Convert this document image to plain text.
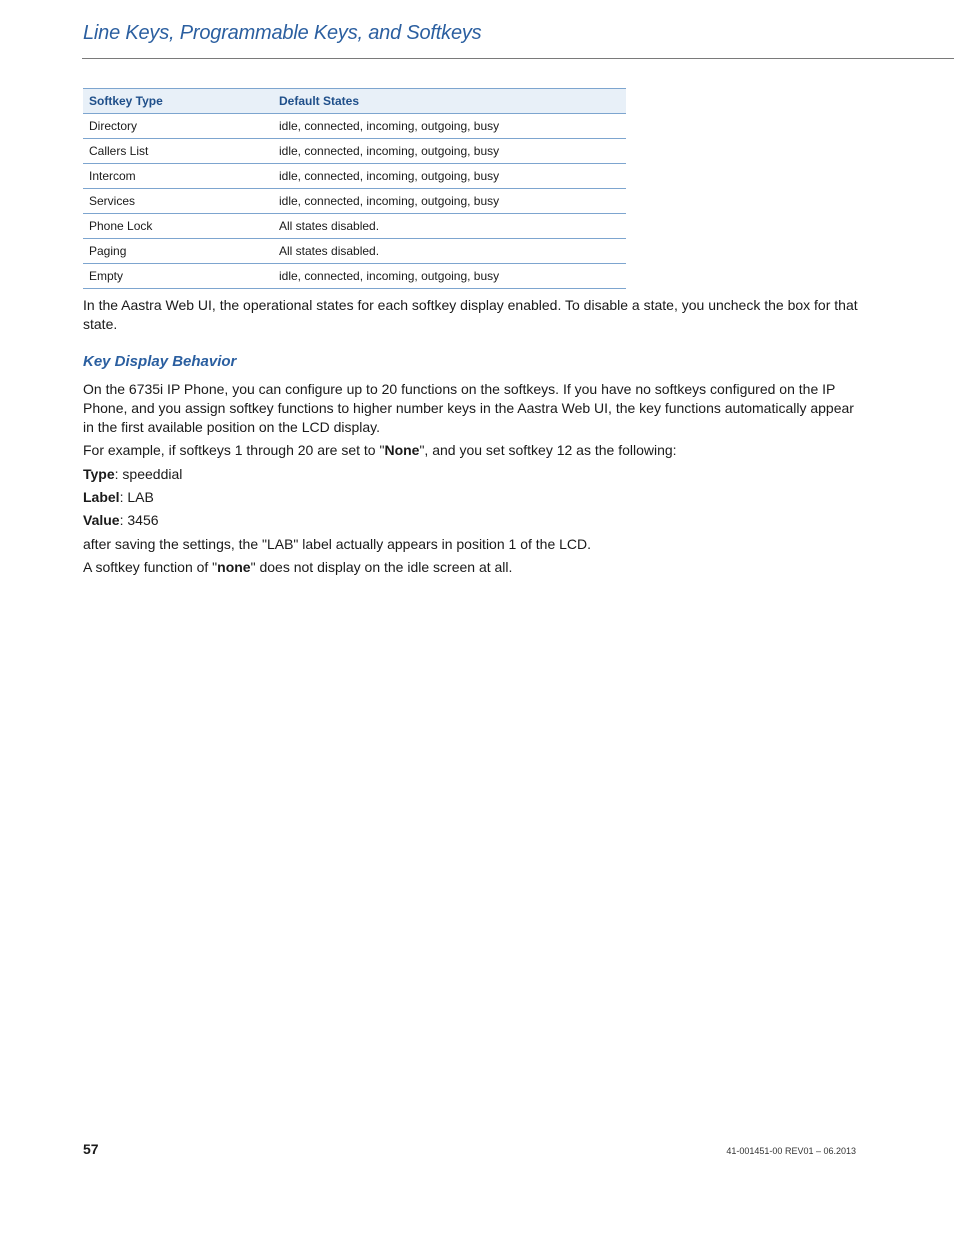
Line Keys, Programmable Keys, and Softkeys
Softkey Type	Default States
Directory	idle, connected, incoming, outgoing, busy
Callers List	idle, connected, incoming, outgoing, busy
Intercom	idle, connected, incoming, outgoing, busy
Services	idle, connected, incoming, outgoing, busy
Phone Lock	All states disabled.
Paging	All states disabled.
Empty	idle, connected, incoming, outgoing, busy

In the Aastra Web UI, the operational states for each softkey display enabled. To disable a state, you uncheck the box for that state.

Key Display Behavior

On the 6735i IP Phone, you can configure up to 20 functions on the softkeys. If you have no softkeys configured on the IP Phone, and you assign softkey functions to higher number keys in the Aastra Web UI, the key functions automatically appear in the first available position on the LCD display.

For example, if softkeys 1 through 20 are set to "None", and you set softkey 12 as the following:

Type: speeddial

Label: LAB

Value: 3456

after saving the settings, the "LAB" label actually appears in position 1 of the LCD.

A softkey function of "none" does not display on the idle screen at all.

57	41-001451-00 REV01 – 06.2013
